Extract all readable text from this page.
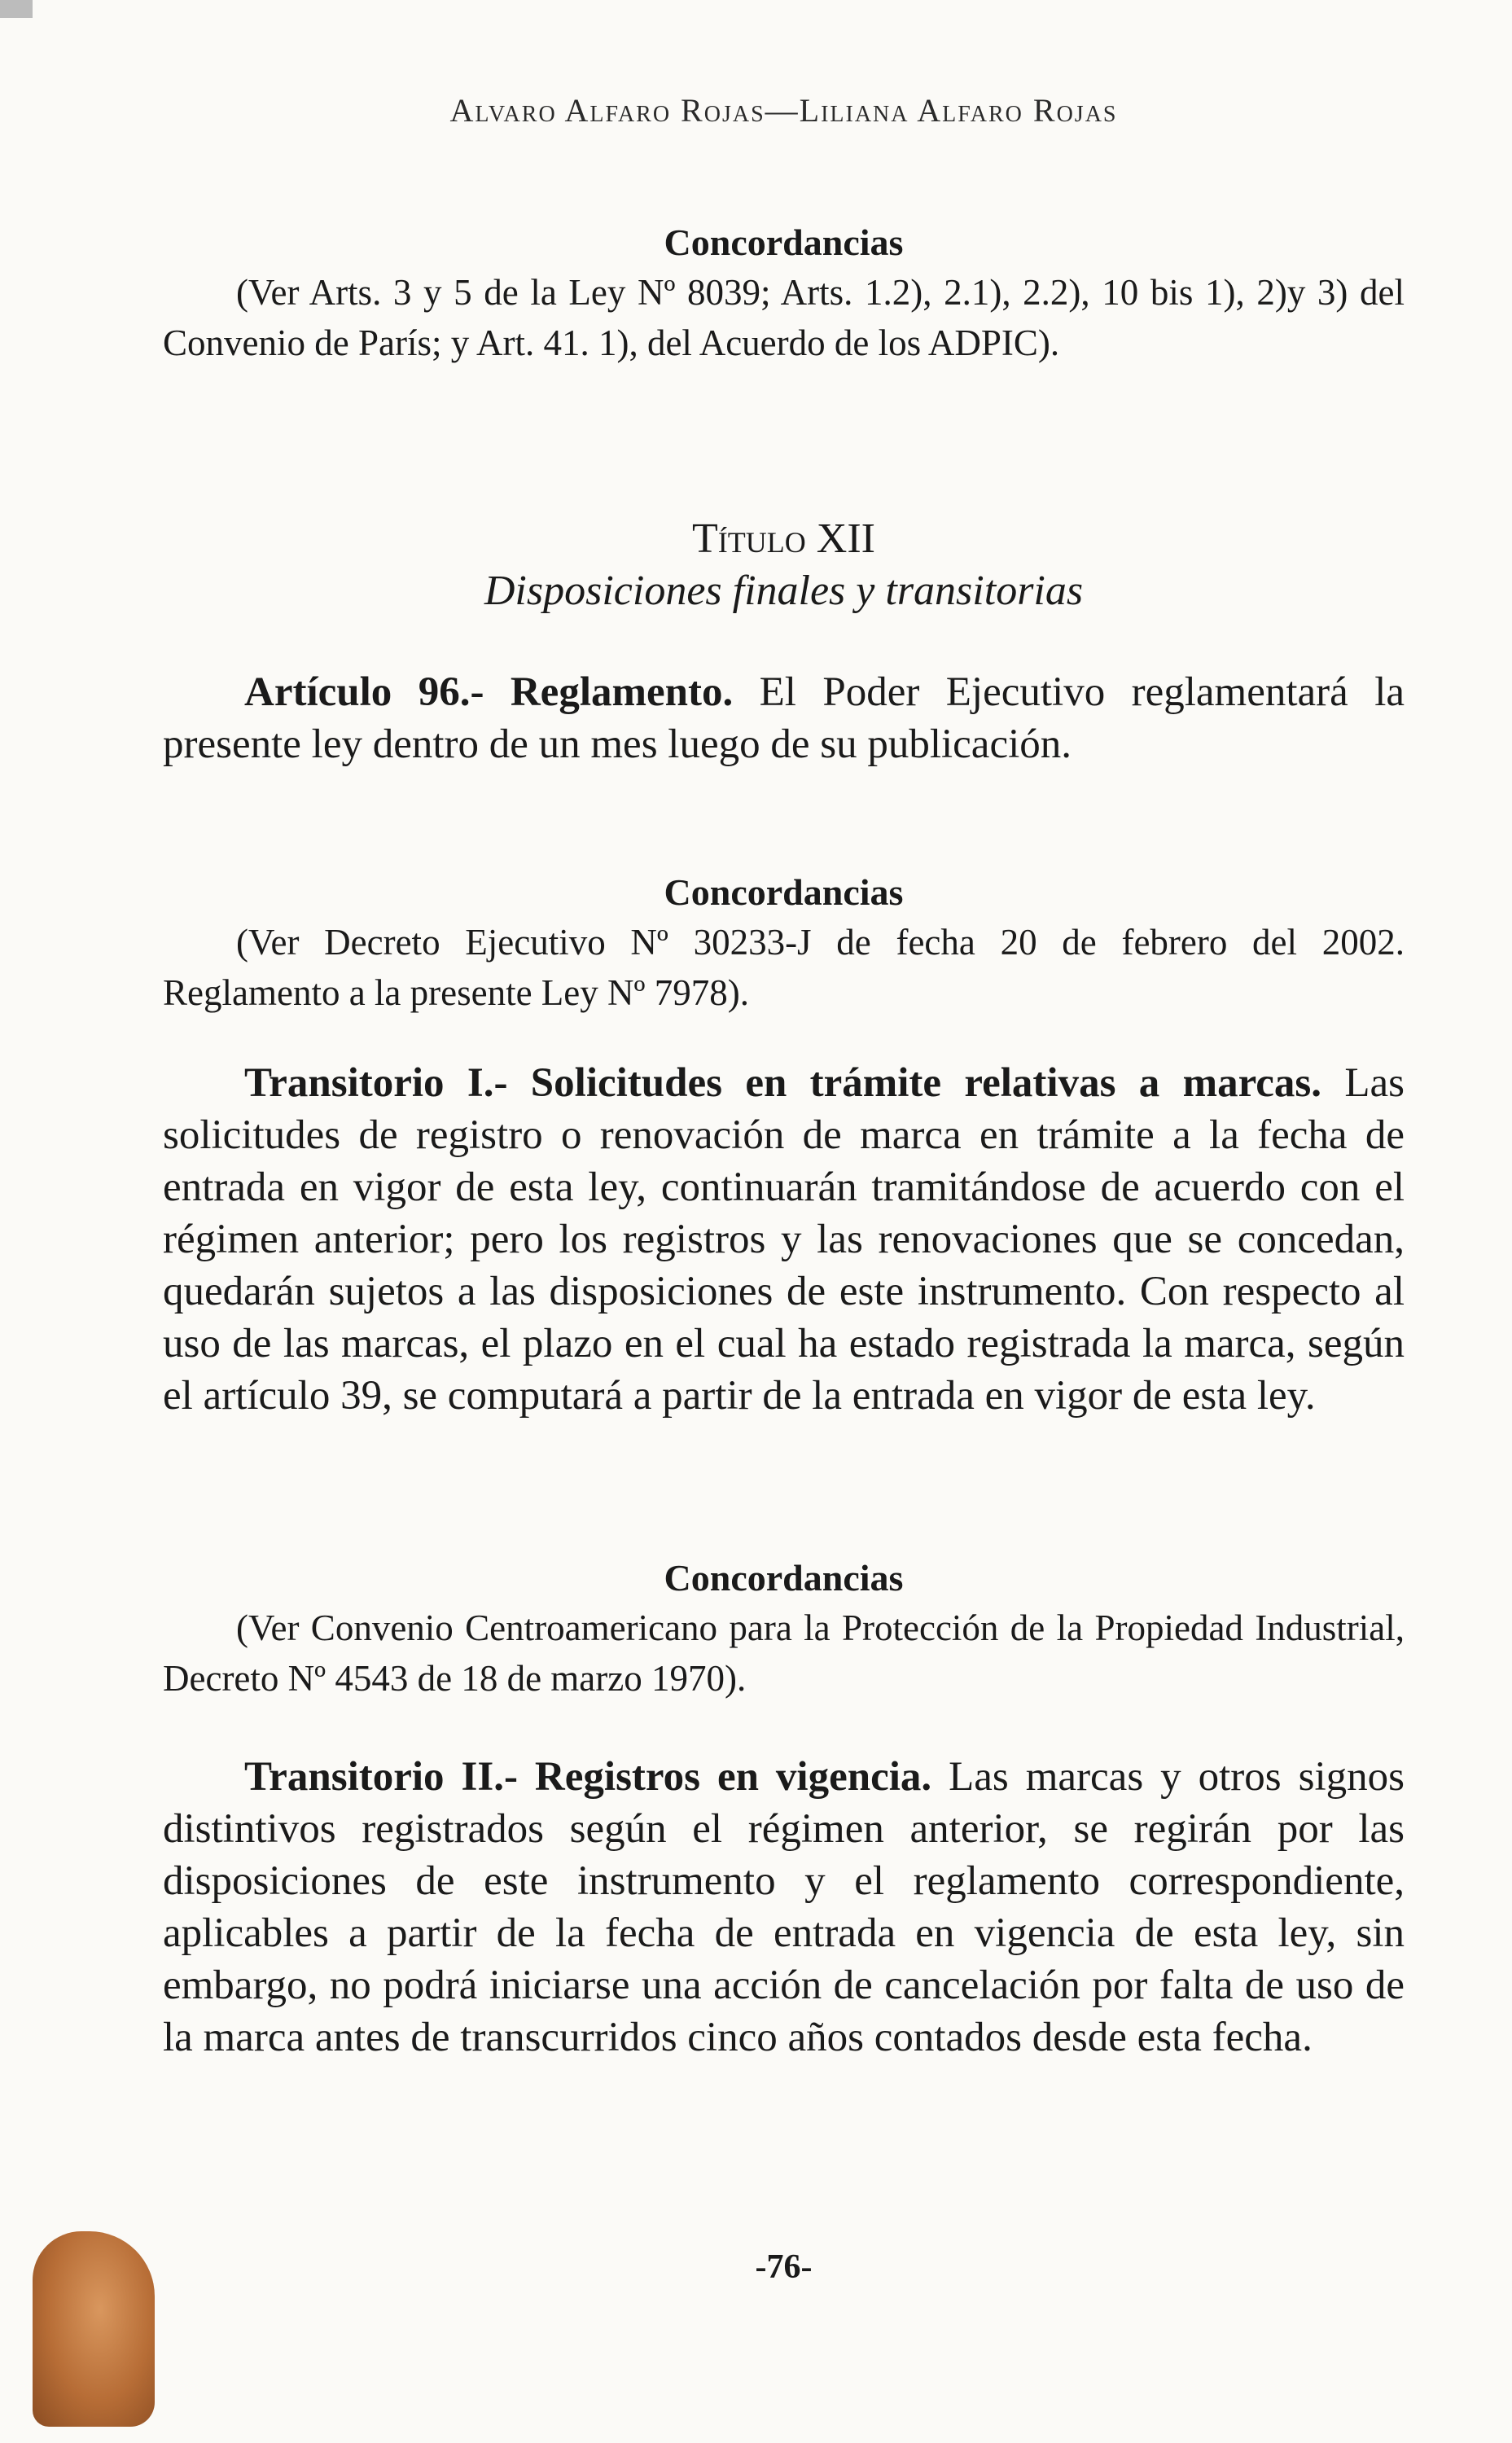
Alvaro Alfaro Rojas—Liliana Alfaro Rojas

Concordancias

(Ver Arts. 3 y 5 de la Ley Nº 8039; Arts. 1.2), 2.1), 2.2), 10 bis 1), 2)y 3) del Convenio de París; y Art. 41. 1), del Acuerdo de los ADPIC).

Título XII

Disposiciones finales y transitorias

Artículo 96.- Reglamento. El Poder Ejecutivo reglamentará la presente ley dentro de un mes luego de su publicación.

Concordancias

(Ver Decreto Ejecutivo Nº 30233-J de fecha 20 de febrero del 2002. Reglamento a la presente Ley Nº 7978).

Transitorio I.- Solicitudes en trámite relativas a marcas. Las solicitudes de registro o renovación de marca en trámite a la fecha de entrada en vigor de esta ley, continuarán tramitándose de acuerdo con el régimen anterior; pero los registros y las renovaciones que se concedan, quedarán sujetos a las disposiciones de este instrumento. Con respecto al uso de las marcas, el plazo en el cual ha estado registrada la marca, según el artículo 39, se computará a partir de la entrada en vigor de esta ley.

Concordancias

(Ver Convenio Centroamericano para la Protección de la Propiedad Industrial, Decreto Nº 4543 de 18 de marzo 1970).

Transitorio II.- Registros en vigencia. Las marcas y otros signos distintivos registrados según el régimen anterior, se regirán por las disposiciones de este instrumento y el reglamento correspondiente, aplicables a partir de la fecha de entrada en vigencia de esta ley, sin embargo, no podrá iniciarse una acción de cancelación por falta de uso de la marca antes de transcurridos cinco años contados desde esta fecha.

-76-
